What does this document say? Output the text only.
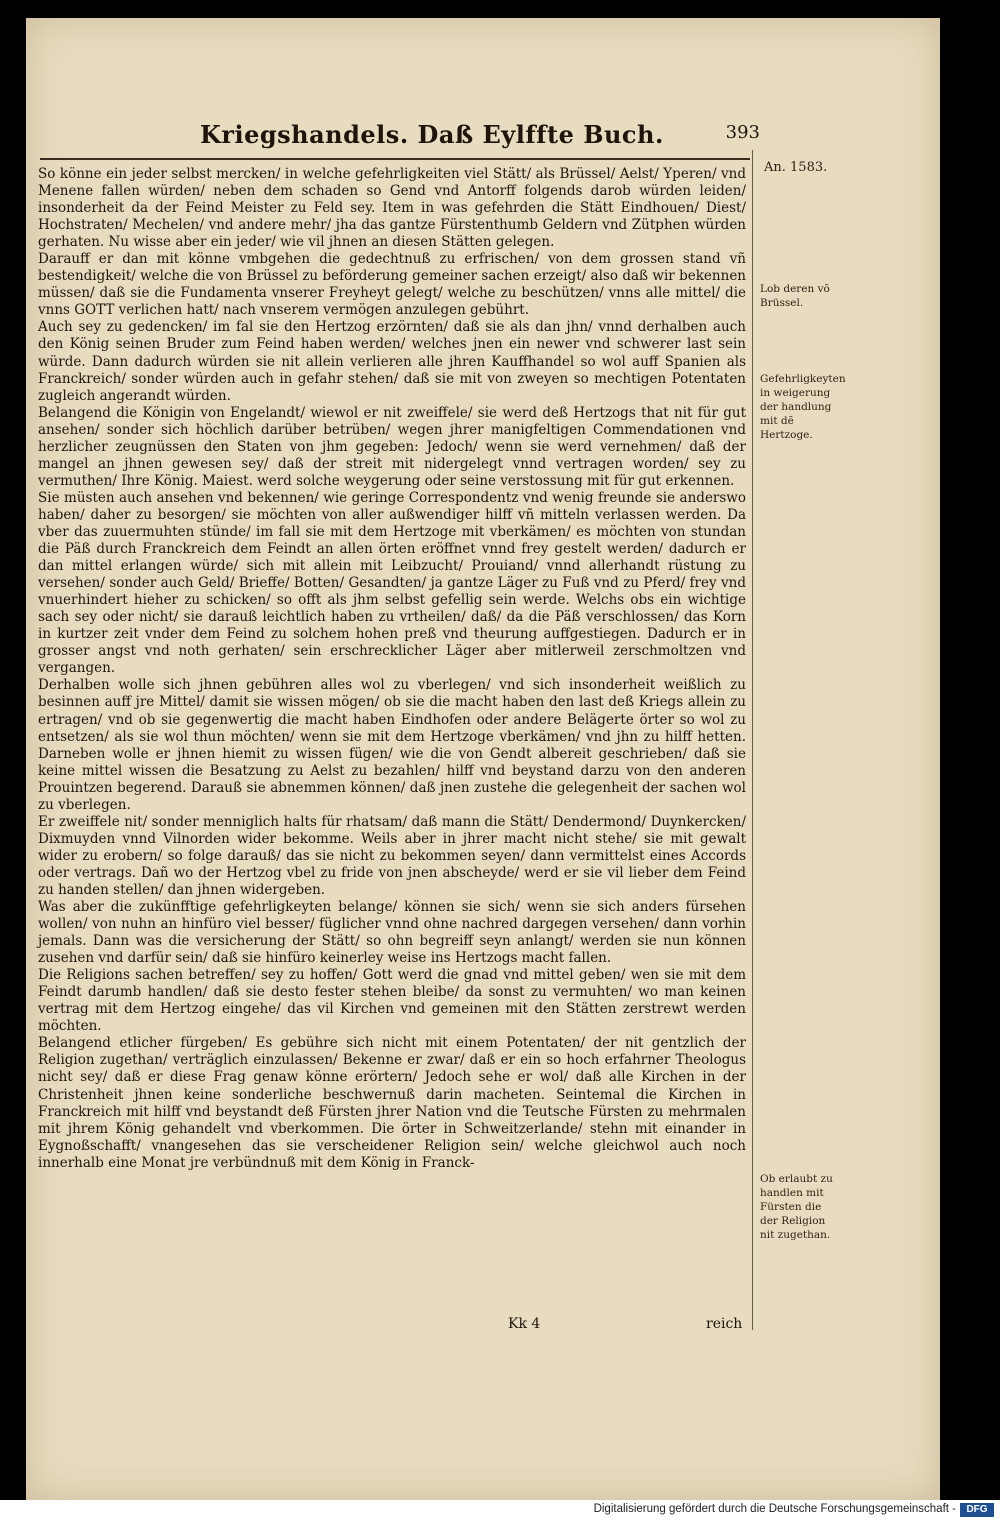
Kriegshandels. Daß Eylffte Buch.	393
An. 1583.

So könne ein jeder selbst mercken/ in welche gefehrligkeiten viel Stätt/ als Brüssel/ Aelst/ Yperen/ vnd Menene fallen würden/ neben dem schaden so Gend vnd Antorff folgends darob würden leiden/ insonderheit da der Feind Meister zu Feld sey. Item in was gefehrden die Stätt Eindhouen/ Diest/ Hochstraten/ Mechelen/ vnd andere mehr/ jha das gantze Fürstenthumb Geldern vnd Zütphen würden gerhaten. Nu wisse aber ein jeder/ wie vil jhnen an diesen Stätten gelegen.

Darauff er dan mit könne vmbgehen die gedechtnuß zu erfrischen/ von dem grossen stand vñ bestendigkeit/ welche die von Brüssel zu beförderung gemeiner sachen erzeigt/ also daß wir bekennen müssen/ daß sie die Fundamenta vnserer Freyheyt gelegt/ welche zu beschützen/ vnns alle mittel/ die vnns GOTT verlichen hatt/ nach vnserem vermögen anzulegen gebührt.

Auch sey zu gedencken/ im fal sie den Hertzog erzörnten/ daß sie als dan jhn/ vnnd derhalben auch den König seinen Bruder zum Feind haben werden/ welches jnen ein newer vnd schwerer last sein würde. Dann dadurch würden sie nit allein verlieren alle jhren Kauffhandel so wol auff Spanien als Franckreich/ sonder würden auch in gefahr stehen/ daß sie mit von zweyen so mechtigen Potentaten zugleich angerandt würden.

Belangend die Königin von Engelandt/ wiewol er nit zweiffele/ sie werd deß Hertzogs that nit für gut ansehen/ sonder sich höchlich darüber betrüben/ wegen jhrer manigfeltigen Commendationen vnd herzlicher zeugnüssen den Staten von jhm gegeben: Jedoch/ wenn sie werd vernehmen/ daß der mangel an jhnen gewesen sey/ daß der streit mit nidergelegt vnnd vertragen worden/ sey zu vermuthen/ Ihre König. Maiest. werd solche weygerung oder seine verstossung mit für gut erkennen.

Sie müsten auch ansehen vnd bekennen/ wie geringe Correspondentz vnd wenig freunde sie anderswo haben/ daher zu besorgen/ sie möchten von aller außwendiger hilff vñ mitteln verlassen werden. Da vber das zuuermuhten stünde/ im fall sie mit dem Hertzoge mit vberkämen/ es möchten von stundan die Päß durch Franckreich dem Feindt an allen örten eröffnet vnnd frey gestelt werden/ dadurch er dan mittel erlangen würde/ sich mit allein mit Leibzucht/ Prouiand/ vnnd allerhandt rüstung zu versehen/ sonder auch Geld/ Brieffe/ Botten/ Gesandten/ ja gantze Läger zu Fuß vnd zu Pferd/ frey vnd vnuerhindert hieher zu schicken/ so offt als jhm selbst gefellig sein werde. Welchs obs ein wichtige sach sey oder nicht/ sie darauß leichtlich haben zu vrtheilen/ daß/ da die Päß verschlossen/ das Korn in kurtzer zeit vnder dem Feind zu solchem hohen preß vnd theurung auffgestiegen. Dadurch er in grosser angst vnd noth gerhaten/ sein erschrecklicher Läger aber mitlerweil zerschmoltzen vnd vergangen.

Derhalben wolle sich jhnen gebühren alles wol zu vberlegen/ vnd sich insonderheit weißlich zu besinnen auff jre Mittel/ damit sie wissen mögen/ ob sie die macht haben den last deß Kriegs allein zu ertragen/ vnd ob sie gegenwertig die macht haben Eindhofen oder andere Belägerte örter so wol zu entsetzen/ als sie wol thun möchten/ wenn sie mit dem Hertzoge vberkämen/ vnd jhn zu hilff hetten. Darneben wolle er jhnen hiemit zu wissen fügen/ wie die von Gendt albereit geschrieben/ daß sie keine mittel wissen die Besatzung zu Aelst zu bezahlen/ hilff vnd beystand darzu von den anderen Prouintzen begerend. Darauß sie abnemmen können/ daß jnen zustehe die gelegenheit der sachen wol zu vberlegen.

Er zweiffele nit/ sonder menniglich halts für rhatsam/ daß mann die Stätt/ Dendermond/ Duynkercken/ Dixmuyden vnnd Vilnorden wider bekomme. Weils aber in jhrer macht nicht stehe/ sie mit gewalt wider zu erobern/ so folge darauß/ das sie nicht zu bekommen seyen/ dann vermittelst eines Accords oder vertrags. Dañ wo der Hertzog vbel zu fride von jnen abscheyde/ werd er sie vil lieber dem Feind zu handen stellen/ dan jhnen widergeben.

Was aber die zukünfftige gefehrligkeyten belange/ können sie sich/ wenn sie sich anders fürsehen wollen/ von nuhn an hinfüro viel besser/ füglicher vnnd ohne nachred dargegen versehen/ dann vorhin jemals. Dann was die versicherung der Stätt/ so ohn begreiff seyn anlangt/ werden sie nun können zusehen vnd darfür sein/ daß sie hinfüro keinerley weise ins Hertzogs macht fallen.

Die Religions sachen betreffen/ sey zu hoffen/ Gott werd die gnad vnd mittel geben/ wen sie mit dem Feindt darumb handlen/ daß sie desto fester stehen bleibe/ da sonst zu vermuhten/ wo man keinen vertrag mit dem Hertzog eingehe/ das vil Kirchen vnd gemeinen mit den Stätten zerstrewt werden möchten.

Belangend etlicher fürgeben/ Es gebühre sich nicht mit einem Potentaten/ der nit gentzlich der Religion zugethan/ verträglich einzulassen/ Bekenne er zwar/ daß er ein so hoch erfahrner Theologus nicht sey/ daß er diese Frag genaw könne erörtern/ Jedoch sehe er wol/ daß alle Kirchen in der Christenheit jhnen keine sonderliche beschwernuß darin macheten. Seintemal die Kirchen in Franckreich mit hilff vnd beystandt deß Fürsten jhrer Nation vnd die Teutsche Fürsten zu mehrmalen mit jhrem König gehandelt vnd vberkommen. Die örter in Schweitzerlande/ stehn mit einander in Eygnoßschafft/ vnangesehen das sie verscheidener Religion sein/ welche gleichwol auch noch innerhalb eine Monat jre verbündnuß mit dem König in Franck-

Lob deren võ Brüssel.
Gefehrligkeyten in weigerung der handlung mit dẽ Hertzoge.
Ob erlaubt zu handlen mit Fürsten die der Religion nit zugethan.
Kk 4	reich
Digitalisierung gefördert durch die Deutsche Forschungsgemeinschaft -	DFG
